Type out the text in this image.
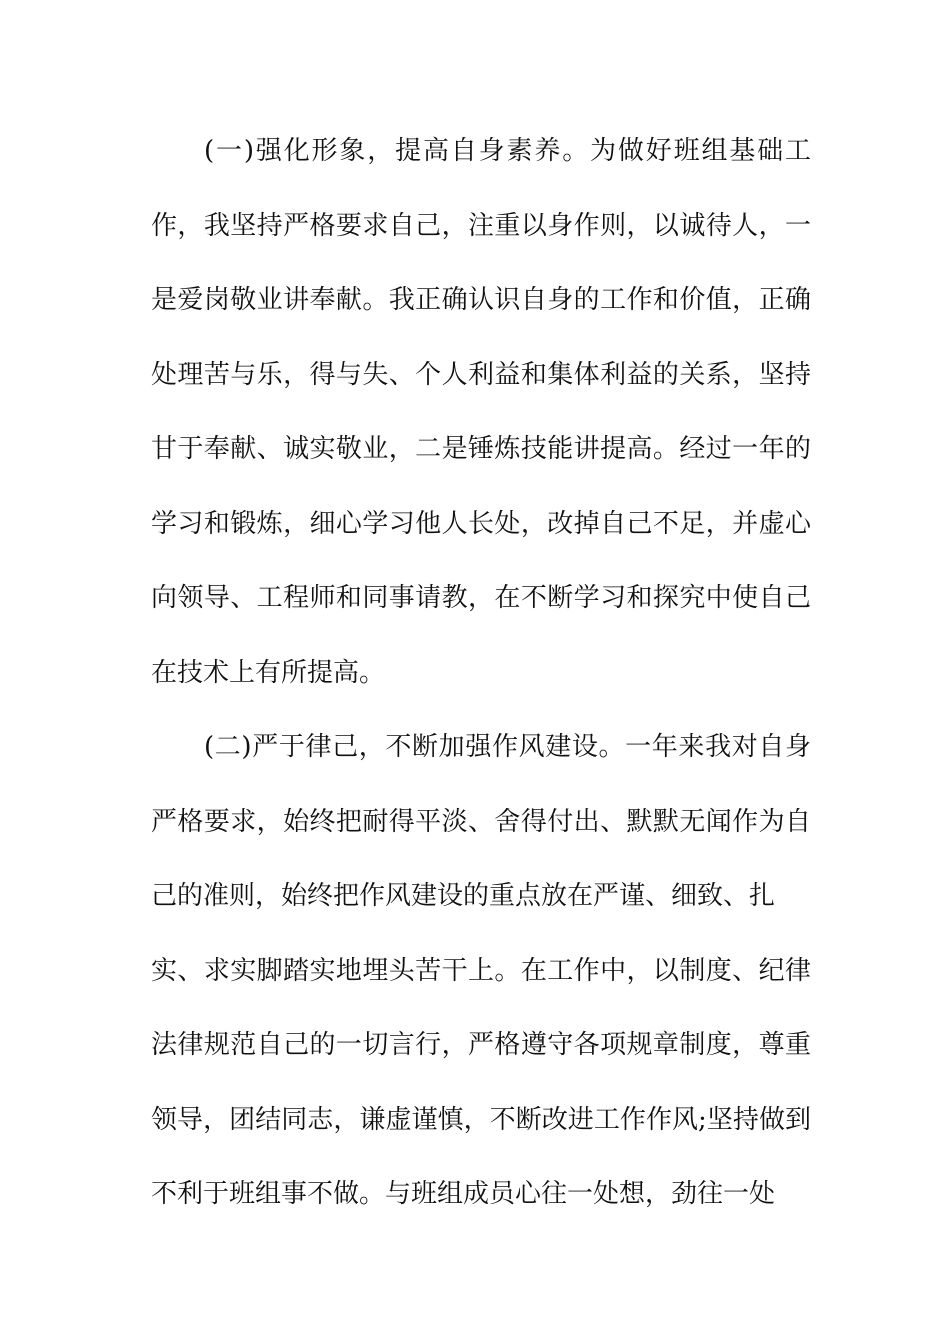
(一)强化形象，提高自身素养。为做好班组基础工
作，我坚持严格要求自己，注重以身作则，以诚待人，一
是爱岗敬业讲奉献。我正确认识自身的工作和价值，正确
处理苦与乐，得与失、个人利益和集体利益的关系，坚持
甘于奉献、诚实敬业，二是锤炼技能讲提高。经过一年的
学习和锻炼，细心学习他人长处，改掉自己不足，并虚心
向领导、工程师和同事请教，在不断学习和探究中使自己
在技术上有所提高。
(二)严于律己，不断加强作风建设。一年来我对自身
严格要求，始终把耐得平淡、舍得付出、默默无闻作为自
己的准则，始终把作风建设的重点放在严谨、细致、扎
实、求实脚踏实地埋头苦干上。在工作中，以制度、纪律
法律规范自己的一切言行，严格遵守各项规章制度，尊重
领导，团结同志，谦虚谨慎，不断改进工作作风;坚持做到
不利于班组事不做。与班组成员心往一处想，劲往一处
